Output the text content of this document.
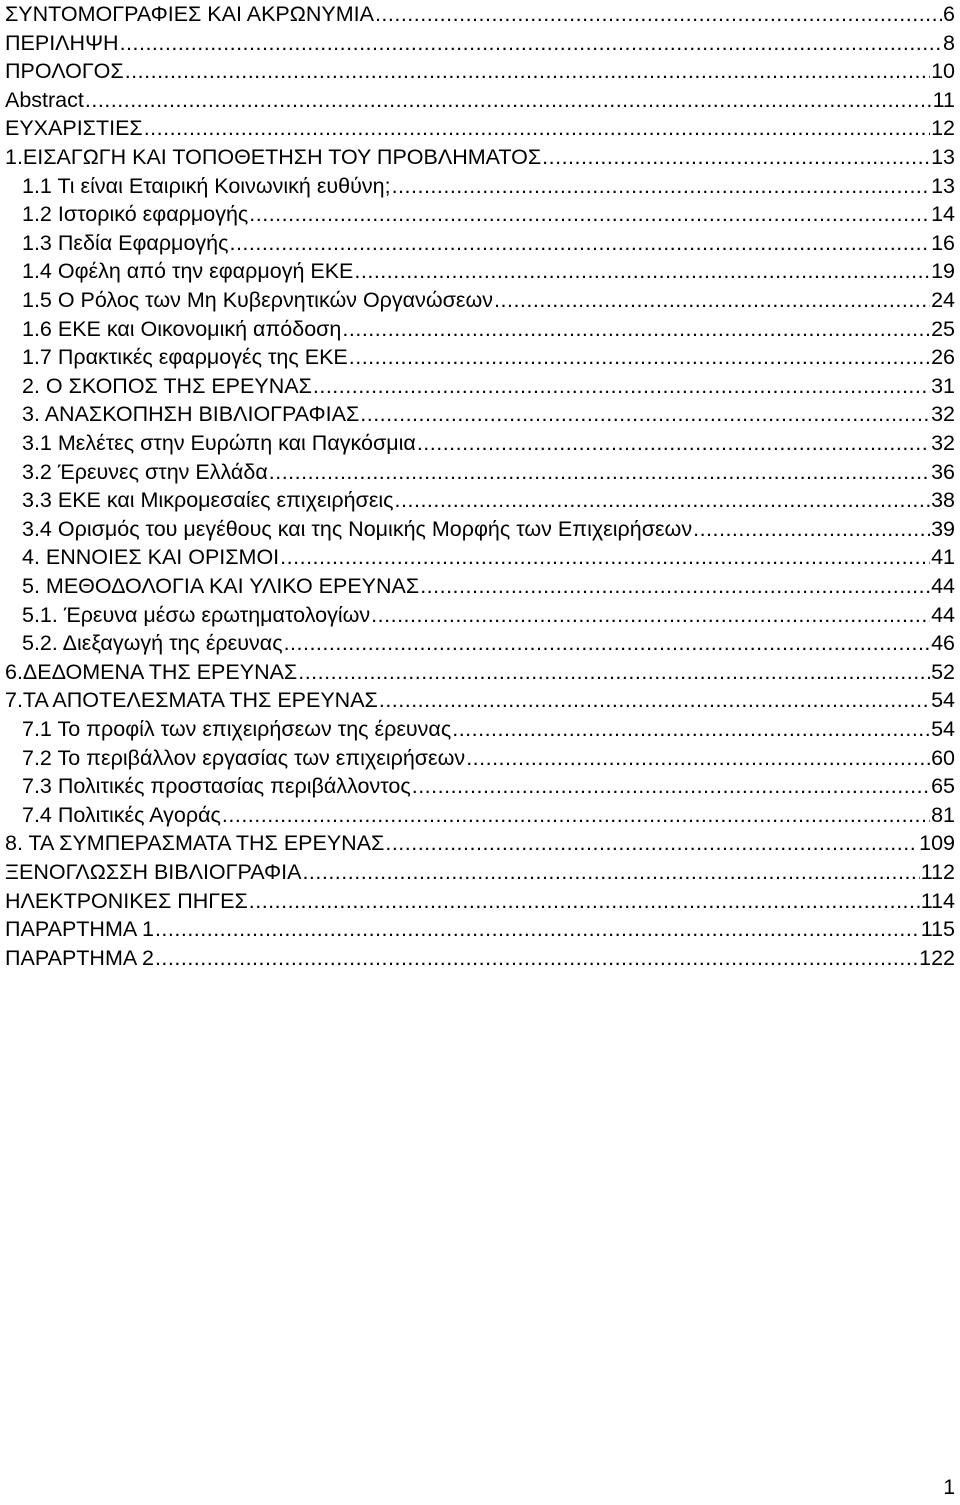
ΣΥΝΤΟΜΟΓΡΑΦΙΕΣ ΚΑΙ ΑΚΡΩΝΥΜΙΑ .....	6
ΠΕΡΙΛΗΨΗ .....	8
ΠΡΟΛΟΓΟΣ .....	10
Abstract .....	11
ΕΥΧΑΡΙΣΤΙΕΣ .....	12
1.ΕΙΣΑΓΩΓΗ ΚΑΙ ΤΟΠΟΘΕΤΗΣΗ ΤΟΥ ΠΡΟΒΛΗΜΑΤΟΣ .....	13
1.1 Τι είναι Εταιρική Κοινωνική ευθύνη; .....	13
1.2 Ιστορικό εφαρμογής .....	14
1.3 Πεδία Εφαρμογής .....	16
1.4 Οφέλη από την εφαρμογή ΕΚΕ .....	19
1.5 Ο Ρόλος των Μη Κυβερνητικών Οργανώσεων .....	24
1.6 ΕΚΕ και Οικονομική απόδοση .....	25
1.7 Πρακτικές εφαρμογές της ΕΚΕ .....	26
2. Ο ΣΚΟΠΟΣ ΤΗΣ ΕΡΕΥΝΑΣ .....	31
3. ΑΝΑΣΚΟΠΗΣΗ ΒΙΒΛΙΟΓΡΑΦΙΑΣ .....	32
3.1 Μελέτες στην Ευρώπη και Παγκόσμια .....	32
3.2 Έρευνες στην Ελλάδα .....	36
3.3 ΕΚΕ και Μικρομεσαίες επιχειρήσεις .....	38
3.4 Ορισμός του μεγέθους και της Νομικής Μορφής των Επιχειρήσεων .....	39
4. ΕΝΝΟΙΕΣ ΚΑΙ ΟΡΙΣΜΟΙ .....	41
5. ΜΕΘΟΔΟΛΟΓΙΑ ΚΑΙ ΥΛΙΚΟ ΕΡΕΥΝΑΣ .....	44
5.1. Έρευνα μέσω ερωτηματολογίων .....	44
5.2. Διεξαγωγή της έρευνας .....	46
6.ΔΕΔΟΜΕΝΑ ΤΗΣ ΕΡΕΥΝΑΣ .....	52
7.ΤΑ ΑΠΟΤΕΛΕΣΜΑΤΑ ΤΗΣ ΕΡΕΥΝΑΣ .....	54
7.1 Το προφίλ των επιχειρήσεων της έρευνας .....	54
7.2 Το περιβάλλον εργασίας των επιχειρήσεων .....	60
7.3 Πολιτικές προστασίας περιβάλλοντος .....	65
7.4 Πολιτικές Αγοράς .....	81
8. ΤΑ ΣΥΜΠΕΡΑΣΜΑΤΑ ΤΗΣ ΕΡΕΥΝΑΣ .....	109
ΞΕΝΟΓΛΩΣΣΗ ΒΙΒΛΙΟΓΡΑΦΙΑ .....	112
ΗΛΕΚΤΡΟΝΙΚΕΣ ΠΗΓΕΣ .....	114
ΠΑΡΑΡΤΗΜΑ 1 .....	115
ΠΑΡΑΡΤΗΜΑ 2 .....	122
1
